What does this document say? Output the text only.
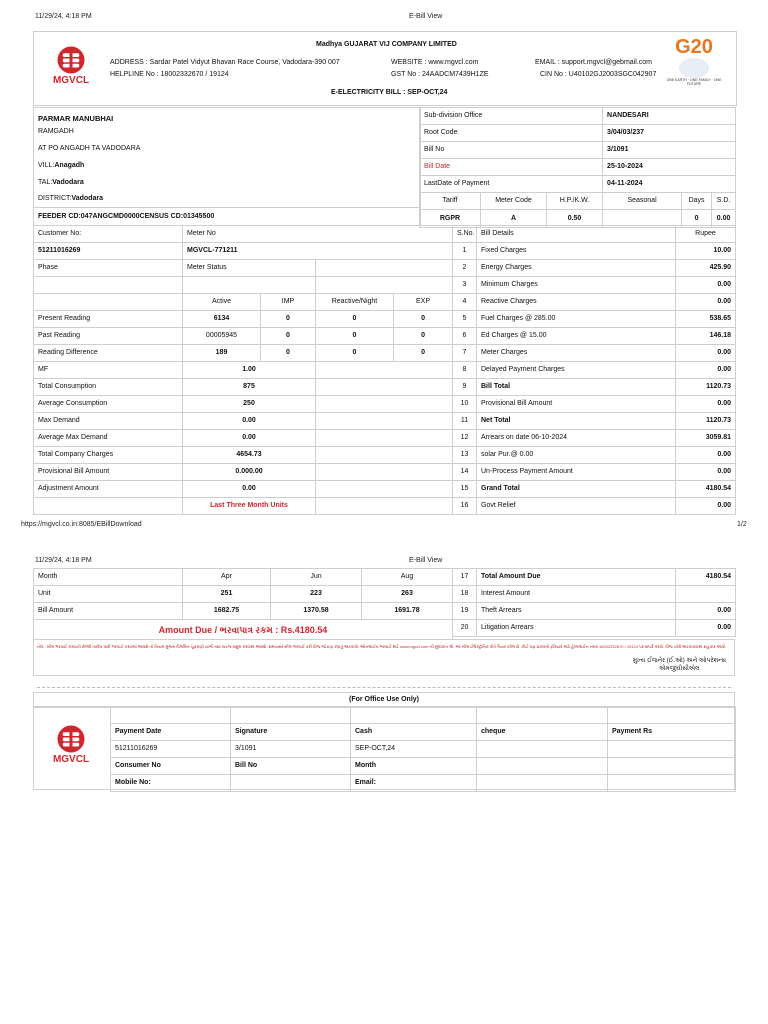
11/29/24, 4:18 PM	E-Bill View
MGVCL
Madhya GUJARAT VIJ COMPANY LIMITED
ADDRESS : Sardar Patel Vidyut Bhavan Race Course, Vadodara-390 007
HELPLINE No : 18002332670 / 19124
WEBSITE : www.mgvcl.com
GST No : 24AADCM7439H1ZE
EMAIL : support.mgvcl@gebmail.com
CIN No : U40102GJ2003SGC042907
E-ELECTRICITY BILL : SEP-OCT,24
G20
ONE EARTH · ONE FAMILY · ONE FUTURE
PARMAR MANUBHAI
RAMGADH
AT PO ANGADH TA VADODARA
VILL:Anagadh
TAL:Vadodara
DISTRICT:Vadodara
FEEDER CD:047ANGCMD0000CENSUS CD:01345500
Sub-division Office			NANDESARI		
Root Code			3/04/03/237		
Bill No			3/1091		
Bill Date			25-10-2024		
LastDate of Payment			04-11-2024		
Tariff	Meter Code	H.P./K.W.	Seasonal	Days	S.D.
RGPR	A	0.50		0	0.00
Customer No:	Meter No			
51211016269	MGVCL-771211			
Phase	Meter Status			

	Active	IMP	Reactive/Night	EXP
Present Reading	6134	0	0	0
Past Reading	00005945	0	0	0
Reading Difference	189	0	0	0
MF	1.00			
Total Consumption	875			
Average Consumption	250			
Max Demand	0.00			
Average Max Demand	0.00			
Total Company Charges	4654.73			
Provisional Bill Amount	0.000.00			
Adjustment Amount	0.00			
	Last Three Month Units			
S.No.	Bill Details	Rupee
1	Fixed Charges	10.00
2	Energy Charges	425.90
3	Minimum Charges	0.00
4	Reactive Charges	0.00
5	Fuel Charges @ 285.00	538.65
6	Ed Charges @ 15.00	146.18
7	Meter Charges	0.00
8	Delayed Payment Charges	0.00
9	Bill Total	1120.73
10	Provisional Bill Amount	0.00
11	Net Total	1120.73
12	Arrears on date 06-10-2024	3059.81
13	solar Pur.@ 0.00	0.00
14	Un-Process Payment Amount	0.00
15	Grand Total	4180.54
16	Govt Relief	0.00
https://mgvcl.co.in:8085/EBillDownload	1/2
11/29/24, 4:18 PM	E-Bill View
Month	Apr	Jun	Aug
Unit	251	223	263
Bill Amount	1682.75	1370.58	1691.78
Amount Due / ભરવાપાત્ર રકમ : Rs.4180.54			
17	Total Amount Due	4180.54
18	Interest Amount	
19	Theft Arrears	0.00
20	Litigation Arrears	0.00
નોંધ : બીલ ભરપાઈ કરવાની છેલ્લી તારીખ પછી ભરપાઈ કરવામાં આવશે તો નિયમ મુજબ વિલંબિત ચુકવણી ચાર્જ તથા વ્યાજ વસુલ કરવામાં આવશે. સમયસર બીલ ભરપાઈ કરી વીજ જોડાણ કપાતું અટકાવો. ઓનલાઈન ભરપાઈ માટે www.mgvcl.com ની મુલાકાત લો. આ બીલ ઈલેક્ટ્રોનિક રીતે તૈયાર કરેલ છે. કોઈ પણ પ્રકારની ફરિયાદ માટે હેલ્પલાઈન નંબર 18002332670 / 19124 પર સંપર્ક કરવો. વીજ ચોરી અટકાવવામાં સહકાર આપો.
મુખ્ય ઈજનેર (ઈ.ઓ) અને ઓપરેશન્સ
એમજીવીસીએલ
(For Office Use Only)
MGVCL

Payment Date	Signature	Cash	cheque	Payment Rs
51211016269	3/1091	SEP-OCT,24		
Consumer No	Bill No	Month		
Mobile No:		Email:		
